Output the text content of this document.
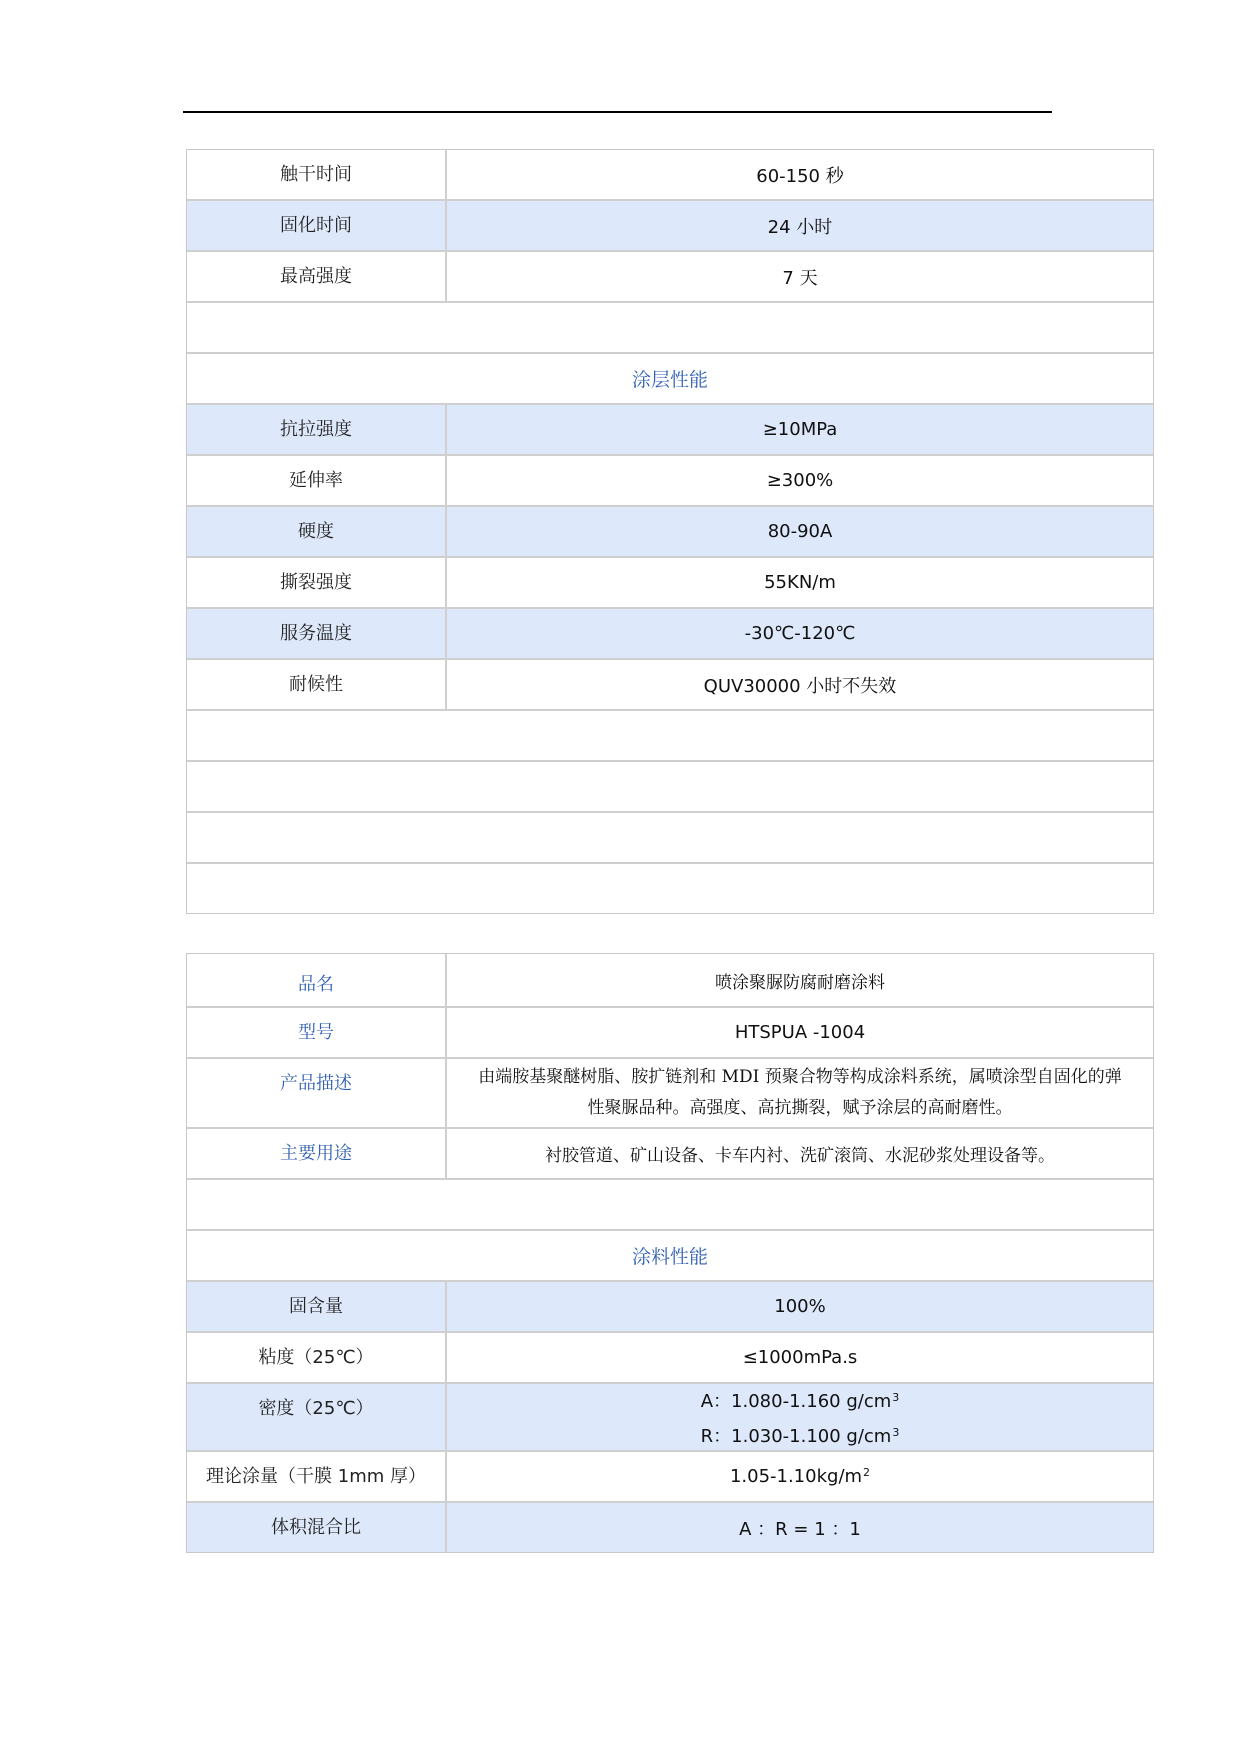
触干时间	60-150 秒
固化时间	24 小时
最高强度	7 天
涂层性能
抗拉强度	≥10MPa
延伸率	≥300%
硬度	80-90A
撕裂强度	55KN/m
服务温度	-30℃-120℃
耐候性	QUV30000 小时不失效
品名	喷涂聚脲防腐耐磨涂料
型号	HTSPUA -1004
产品描述	由端胺基聚醚树脂、胺扩链剂和 MDI 预聚合物等构成涂料系统，属喷涂型自固化的弹
性聚脲品种。高强度、高抗撕裂，赋予涂层的高耐磨性。
主要用途	衬胶管道、矿山设备、卡车内衬、洗矿滚筒、水泥砂浆处理设备等。
涂料性能
固含量	100%
粘度（25℃）	≤1000mPa.s
密度（25℃）	A：1.080-1.160 $g/cm^3$
R：1.030-1.100 $g/cm^3$
理论涂量（干膜 1mm 厚）	$1.05-1.10kg/m^2$
体积混合比	A ：R = 1 ：1
